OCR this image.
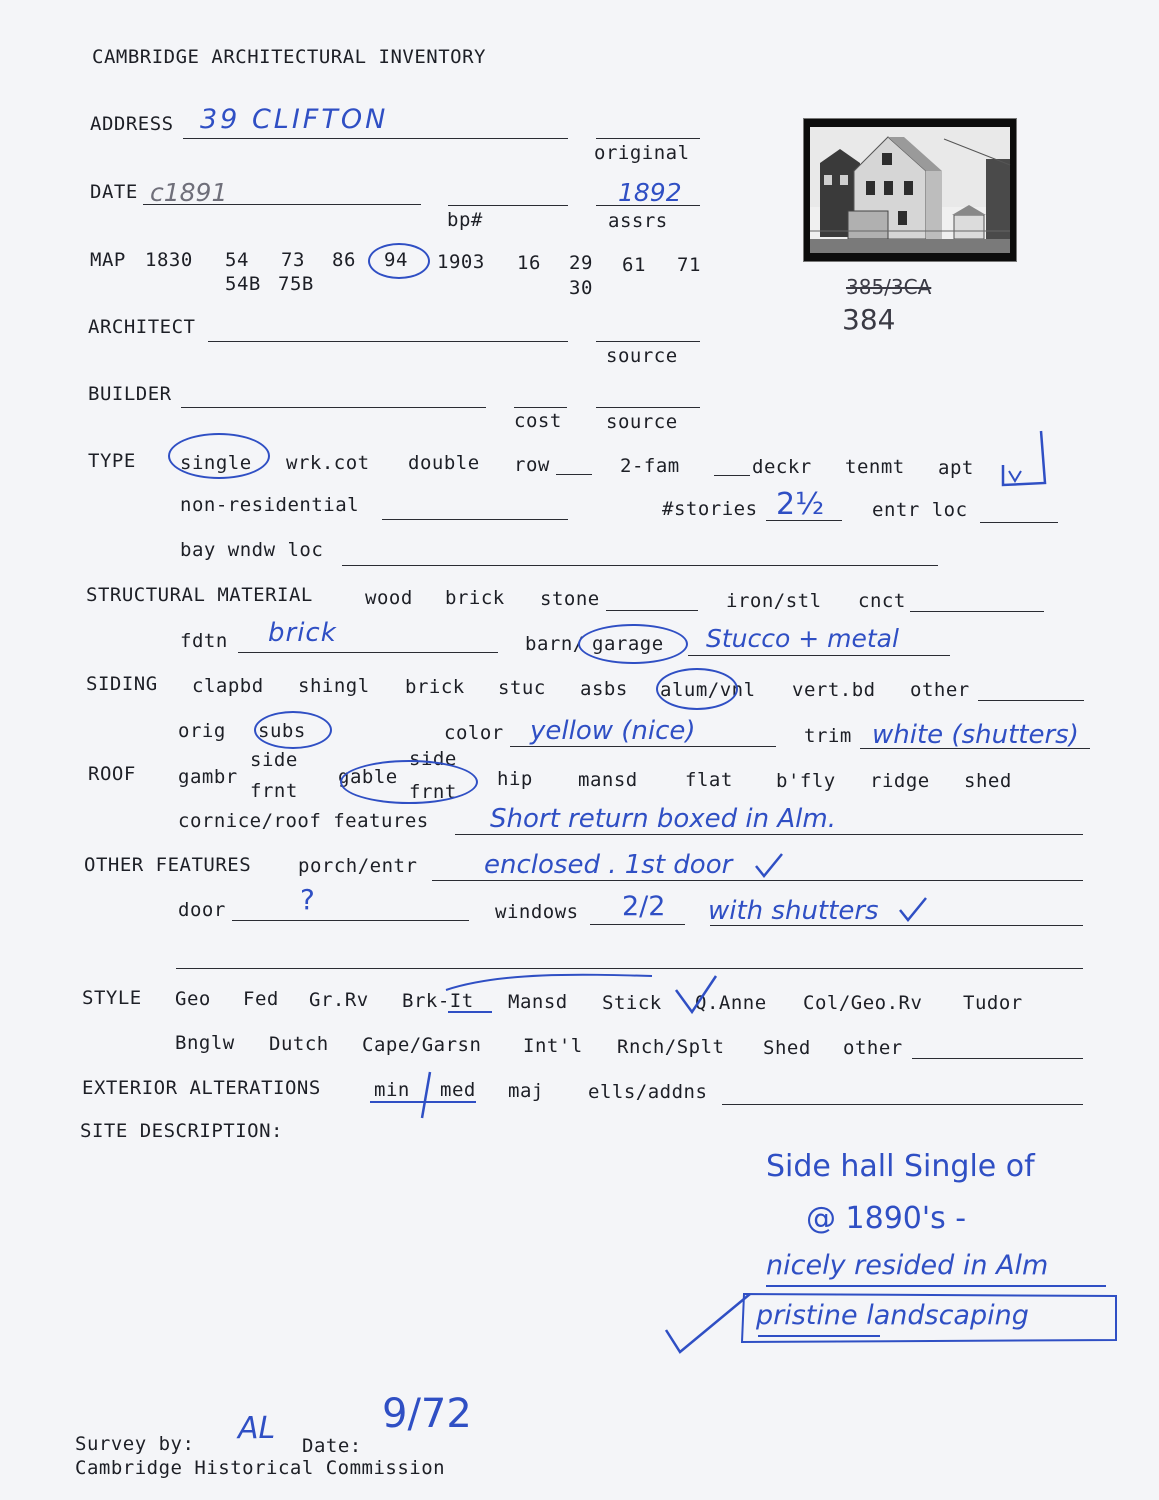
CAMBRIDGE ARCHITECTURAL INVENTORY
ADDRESS 39 CLIFTON
original
DATE c1891
bp#
1892
assrs
MAP 1830 54 73 86 94 1903 16 29 61 71
54B 75B	30	385/3CA
384
ARCHITECT
source
BUILDER
cost source
TYPE single wrk.cot double row	2-fam	deckr tenmt apt
non-residential	#stories 2½	entr loc
bay wndw loc
STRUCTURAL MATERIAL	wood brick stone	iron/stl cnct
fdtn brick	barn/ garage Stucco + metal
SIDING clapbd shingl brick stuc asbs alum/vnl vert.bd other
orig subs	color yellow (nice)	trim white (shutters)
ROOF gambr
side
frnt
gable
side
frnt
hip mansd flat b'fly ridge shed
cornice/roof features Short return boxed in Alm.
OTHER FEATURES porch/entr	enclosed . 1st door
door	?	windows 2/2 with shutters
STYLE Geo Fed Gr.Rv Brk-It Mansd Stick Q.Anne Col/Geo.Rv Tudor
Bnglw Dutch Cape/Garsn Int'l Rnch/Splt Shed other
EXTERIOR ALTERATIONS	min med maj ells/addns
SITE DESCRIPTION:
Side hall Single of
@ 1890's -
nicely resided in Alm
pristine landscaping
Survey by: AL Date:
9/72
Cambridge Historical Commission
